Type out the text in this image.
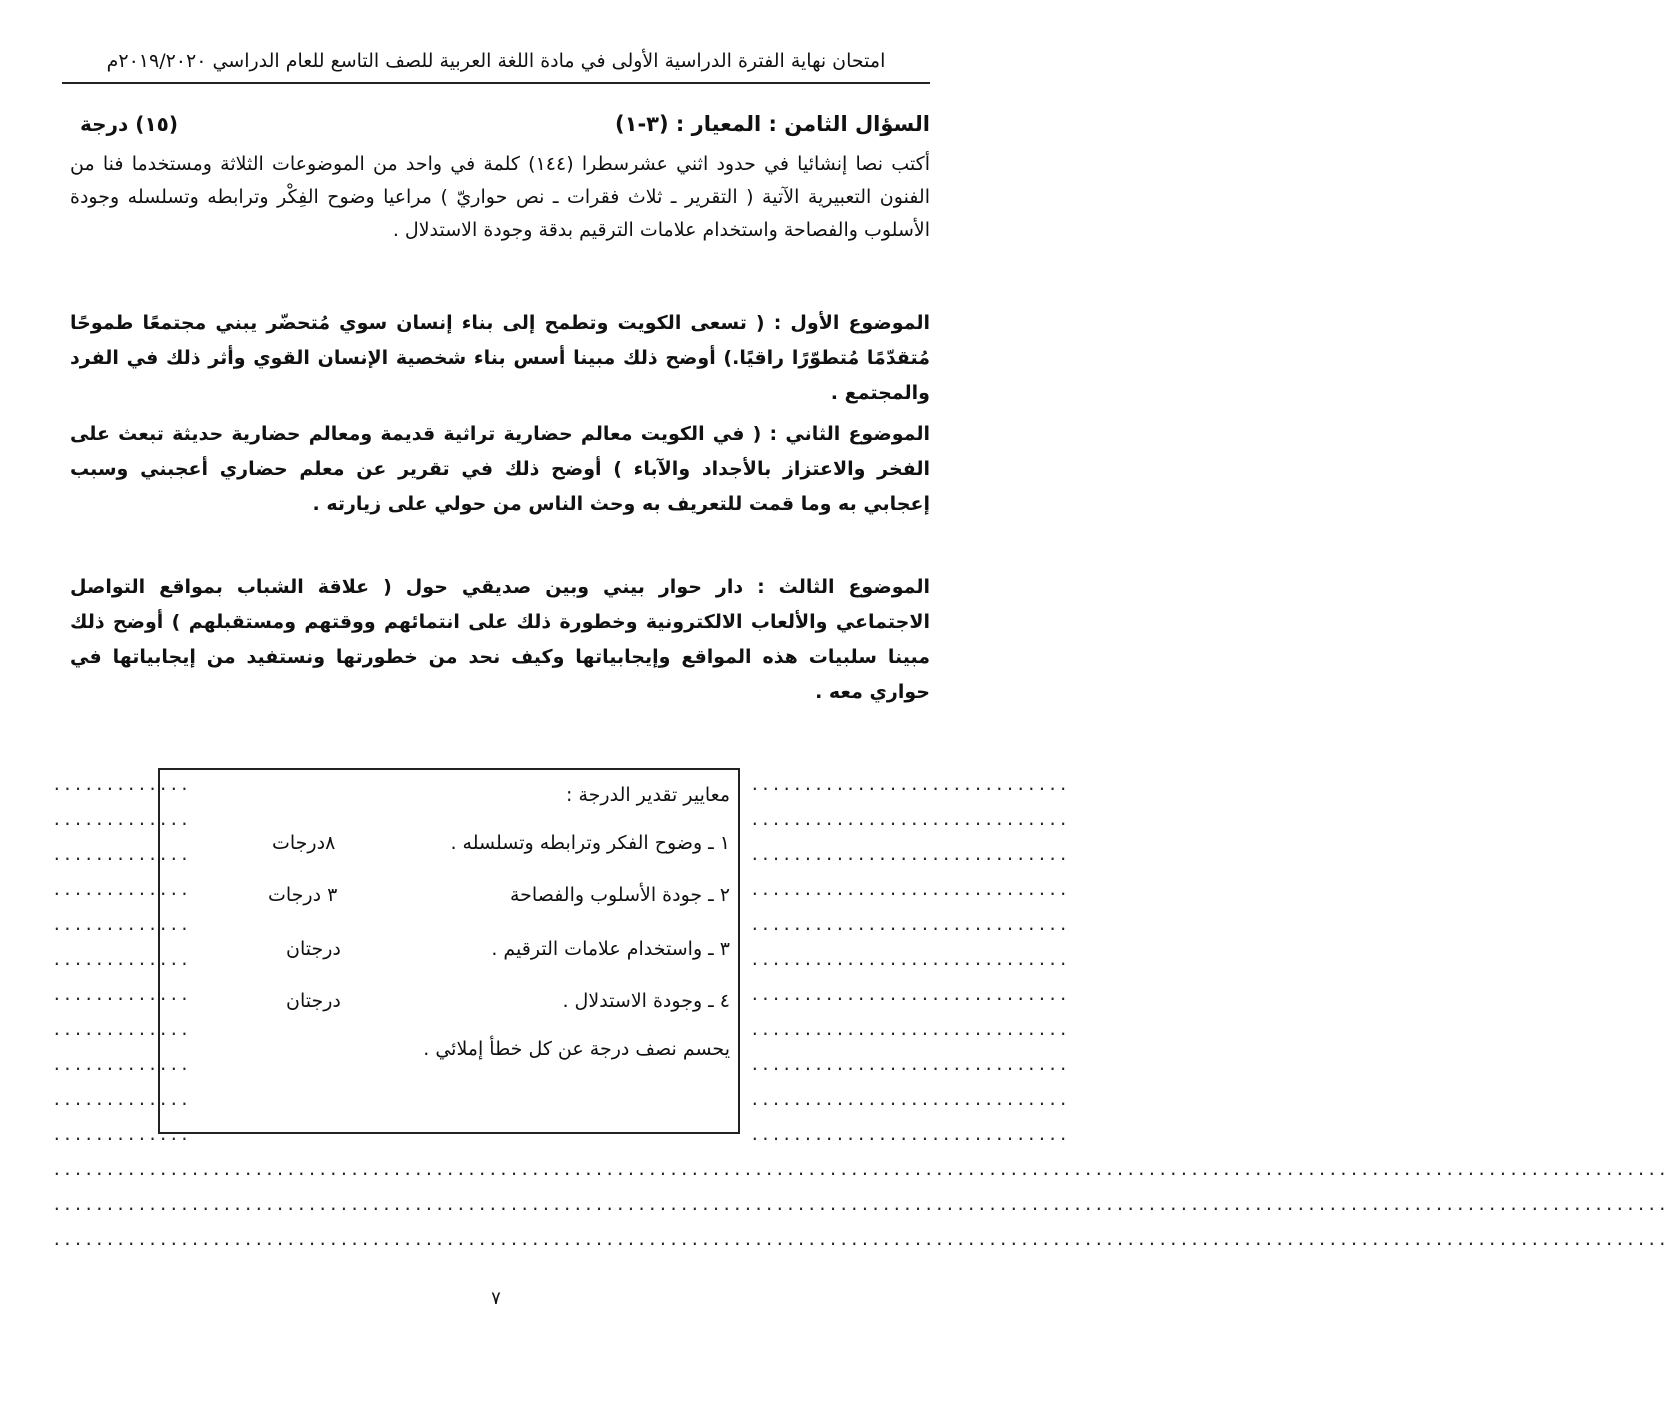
امتحان نهاية الفترة الدراسية الأولى في مادة اللغة العربية للصف التاسع للعام الدراسي ٢٠١٩/٢٠٢٠م
السؤال الثامن : المعيار : (٣-١)
(١٥) درجة
أكتب نصا إنشائيا في حدود اثني عشرسطرا (١٤٤) كلمة في واحد من الموضوعات الثلاثة ومستخدما فنا من الفنون التعبيرية الآتية ( التقرير ـ ثلاث فقرات ـ نص حواريّ ) مراعيا وضوح الفِكْر وترابطه وتسلسله وجودة الأسلوب والفصاحة واستخدام علامات الترقيم بدقة وجودة الاستدلال .
الموضوع الأول : ( تسعى الكويت وتطمح إلى بناء إنسان سوي مُتحضّر يبني مجتمعًا طموحًا مُتقدّمًا مُتطوّرًا راقيًا.) أوضح ذلك مبينا أسس بناء شخصية الإنسان القوي وأثر ذلك في الفرد والمجتمع .
الموضوع الثاني : ( في الكويت معالم حضارية تراثية قديمة ومعالم حضارية حديثة تبعث على الفخر والاعتزاز بالأجداد والآباء ) أوضح ذلك في تقرير عن معلم حضاري أعجبني وسبب إعجابي به وما قمت للتعريف به وحث الناس من حولي على زيارته .
الموضوع الثالث : دار حوار بيني وبين صديقي حول ( علاقة الشباب بمواقع التواصل الاجتماعي والألعاب الالكترونية وخطورة ذلك على انتمائهم ووقتهم ومستقبلهم ) أوضح ذلك مبينا سلبيات هذه المواقع وإيجابياتها وكيف نحد من خطورتها ونستفيد من إيجابياتها في حواري معه .
..............................
.............
..............................
.............
..............................
.............
..............................
.............
..............................
.............
..............................
.............
..............................
.............
..............................
.............
..............................
.............
..............................
.............
..............................
.............
........................................................................................................................................................
........................................................................................................................................................
........................................................................................................................................................
معايير تقدير الدرجة :
١ ـ وضوح الفكر وترابطه وتسلسله .
٨درجات
٢ ـ جودة الأسلوب والفصاحة
٣ درجات
٣ ـ واستخدام علامات الترقيم .
درجتان
٤ ـ وجودة الاستدلال .
درجتان
يحسم نصف درجة عن كل خطأ إملائي .
٧
